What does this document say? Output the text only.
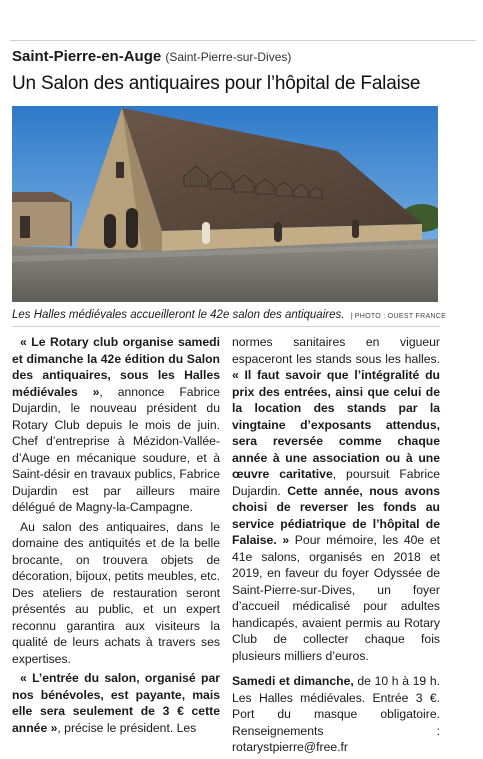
Saint-Pierre-en-Auge (Saint-Pierre-sur-Dives)
Un Salon des antiquaires pour l’hôpital de Falaise
Les Halles médiévales accueilleront le 42e salon des antiquaires. | PHOTO : OUEST FRANCE

« Le Rotary club organise samedi et dimanche la 42e édition du Salon des antiquaires, sous les Halles médiévales », annonce Fabrice Dujardin, le nouveau président du Rotary Club depuis le mois de juin. Chef d’entreprise à Mézidon-Vallée-d’Auge en mécanique soudure, et à Saint-désir en travaux publics, Fabrice Dujardin est par ailleurs maire délégué de Magny-la-Campagne.

Au salon des antiquaires, dans le domaine des antiquités et de la belle brocante, on trouvera objets de décoration, bijoux, petits meubles, etc. Des ateliers de restauration seront présentés au public, et un expert reconnu garantira aux visiteurs la qualité de leurs achats à travers ses expertises.

« L’entrée du salon, organisé par nos bénévoles, est payante, mais elle sera seulement de 3 € cette année », précise le président. Les

normes sanitaires en vigueur espaceront les stands sous les halles. « Il faut savoir que l’intégralité du prix des entrées, ainsi que celui de la location des stands par la vingtaine d’exposants attendus, sera reversée comme chaque année à une association ou à une œuvre caritative, poursuit Fabrice Dujardin. Cette année, nous avons choisi de reverser les fonds au service pédiatrique de l’hôpital de Falaise. » Pour mémoire, les 40e et 41e salons, organisés en 2018 et 2019, en faveur du foyer Odyssée de Saint-Pierre-sur-Dives, un foyer d’accueil médicalisé pour adultes handicapés, avaient permis au Rotary Club de collecter chaque fois plusieurs milliers d’euros.

Samedi et dimanche, de 10 h à 19 h. Les Halles médiévales. Entrée 3 €. Port du masque obligatoire. Renseignements : rotarystpierre@free.fr
